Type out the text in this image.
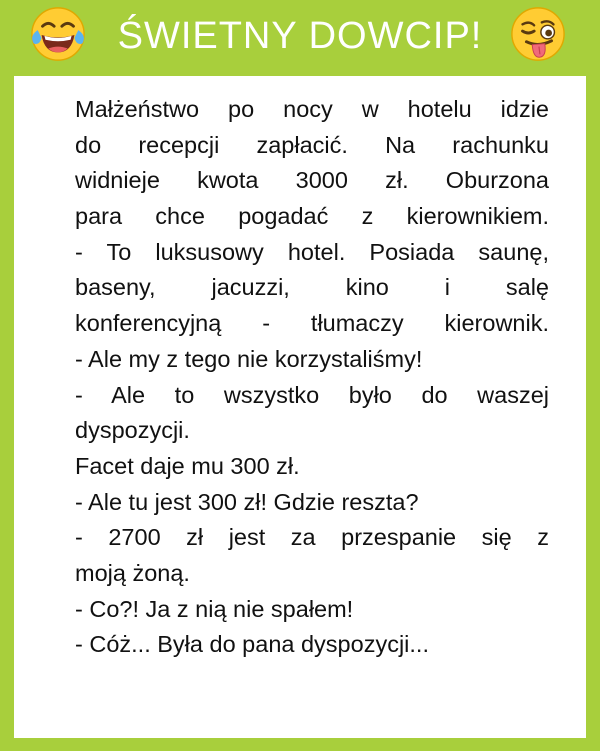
ŚWIETNY DOWCIP!
Małżeństwo po nocy w hotelu idzie
do recepcji zapłacić. Na rachunku
widnieje kwota 3000 zł. Oburzona
para chce pogadać z kierownikiem.
- To luksusowy hotel. Posiada saunę,
baseny, jacuzzi, kino i salę
konferencyjną - tłumaczy kierownik.
- Ale my z tego nie korzystaliśmy!
- Ale to wszystko było do waszej
dyspozycji.
Facet daje mu 300 zł.
- Ale tu jest 300 zł! Gdzie reszta?
- 2700 zł jest za przespanie się z
moją żoną.
- Co?! Ja z nią nie spałem!
- Cóż... Była do pana dyspozycji...
